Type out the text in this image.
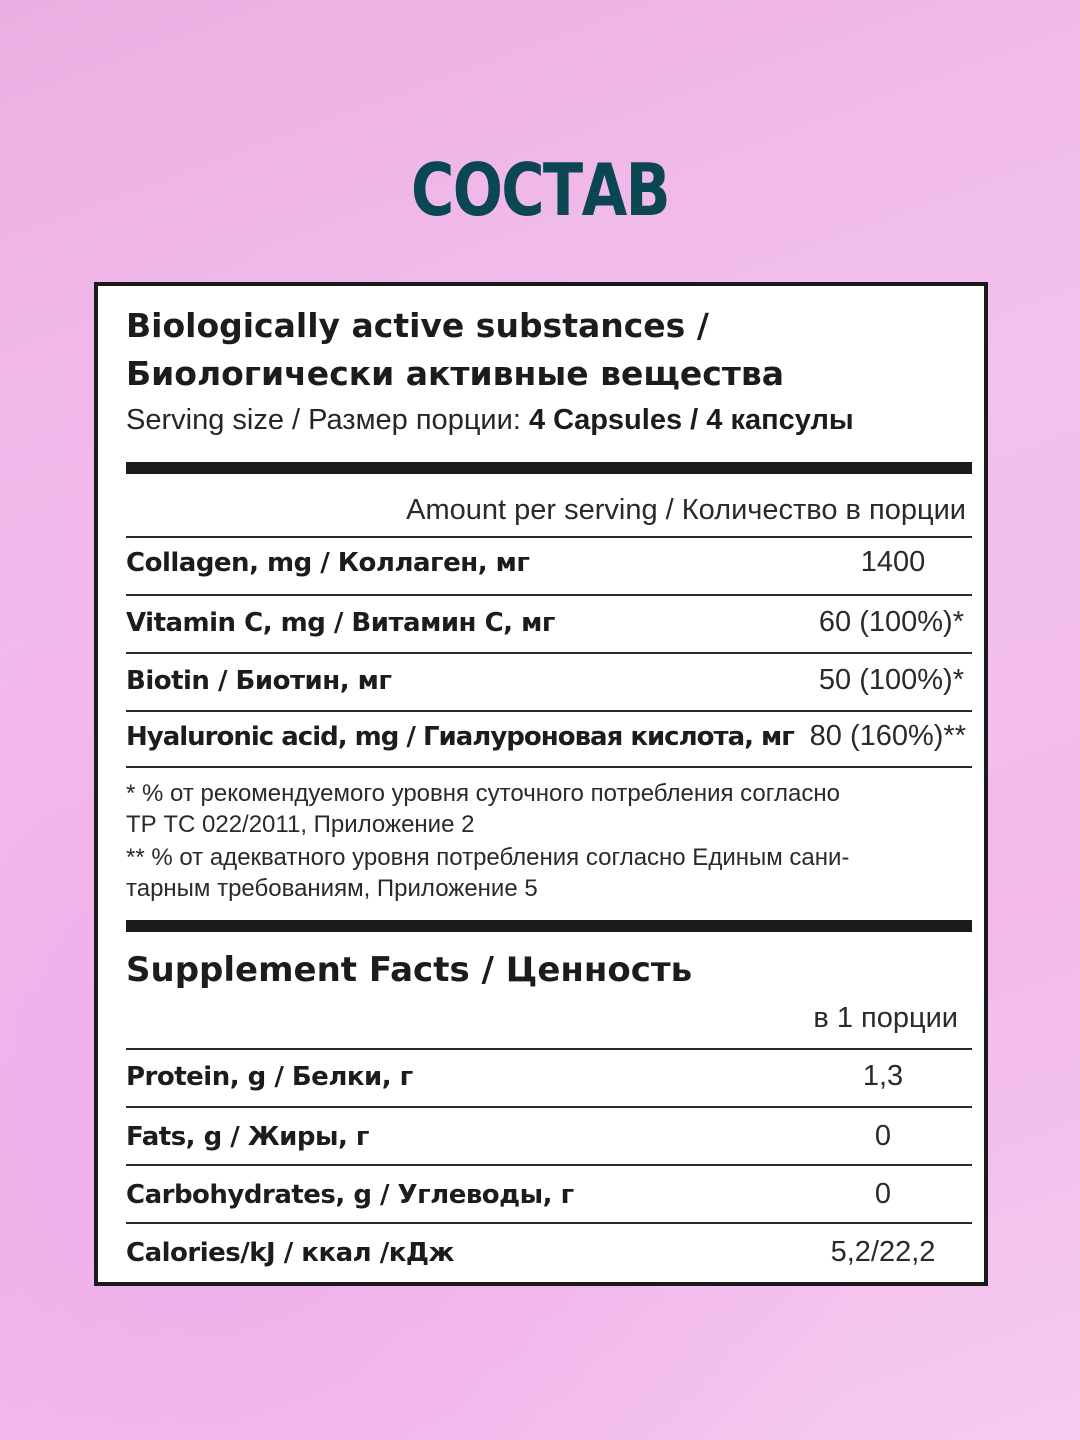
СОСТАВ
Biologically active substances /
Биологически активные вещества
Serving size / Размер порции: 4 Capsules / 4 капсулы
Amount per serving / Количество в порции
Collagen, mg / Коллаген, мг	1400
Vitamin C, mg / Витамин С, мг	60 (100%)*
Biotin / Биотин, мг	50 (100%)*
Hyaluronic acid, mg / Гиалуроновая кислота, мг 80 (160%)**
* % от рекомендуемого уровня суточного потребления согласно
ТР ТС 022/2011, Приложение 2
** % от адекватного уровня потребления согласно Единым сани-
тарным требованиям, Приложение 5
Supplement Facts / Ценность
в 1 порции
Protein, g / Белки, г	1,3
Fats, g / Жиры, г	0
Carbohydrates, g / Углеводы, г	0
Calories/kJ / ккал /кДж	5,2/22,2
